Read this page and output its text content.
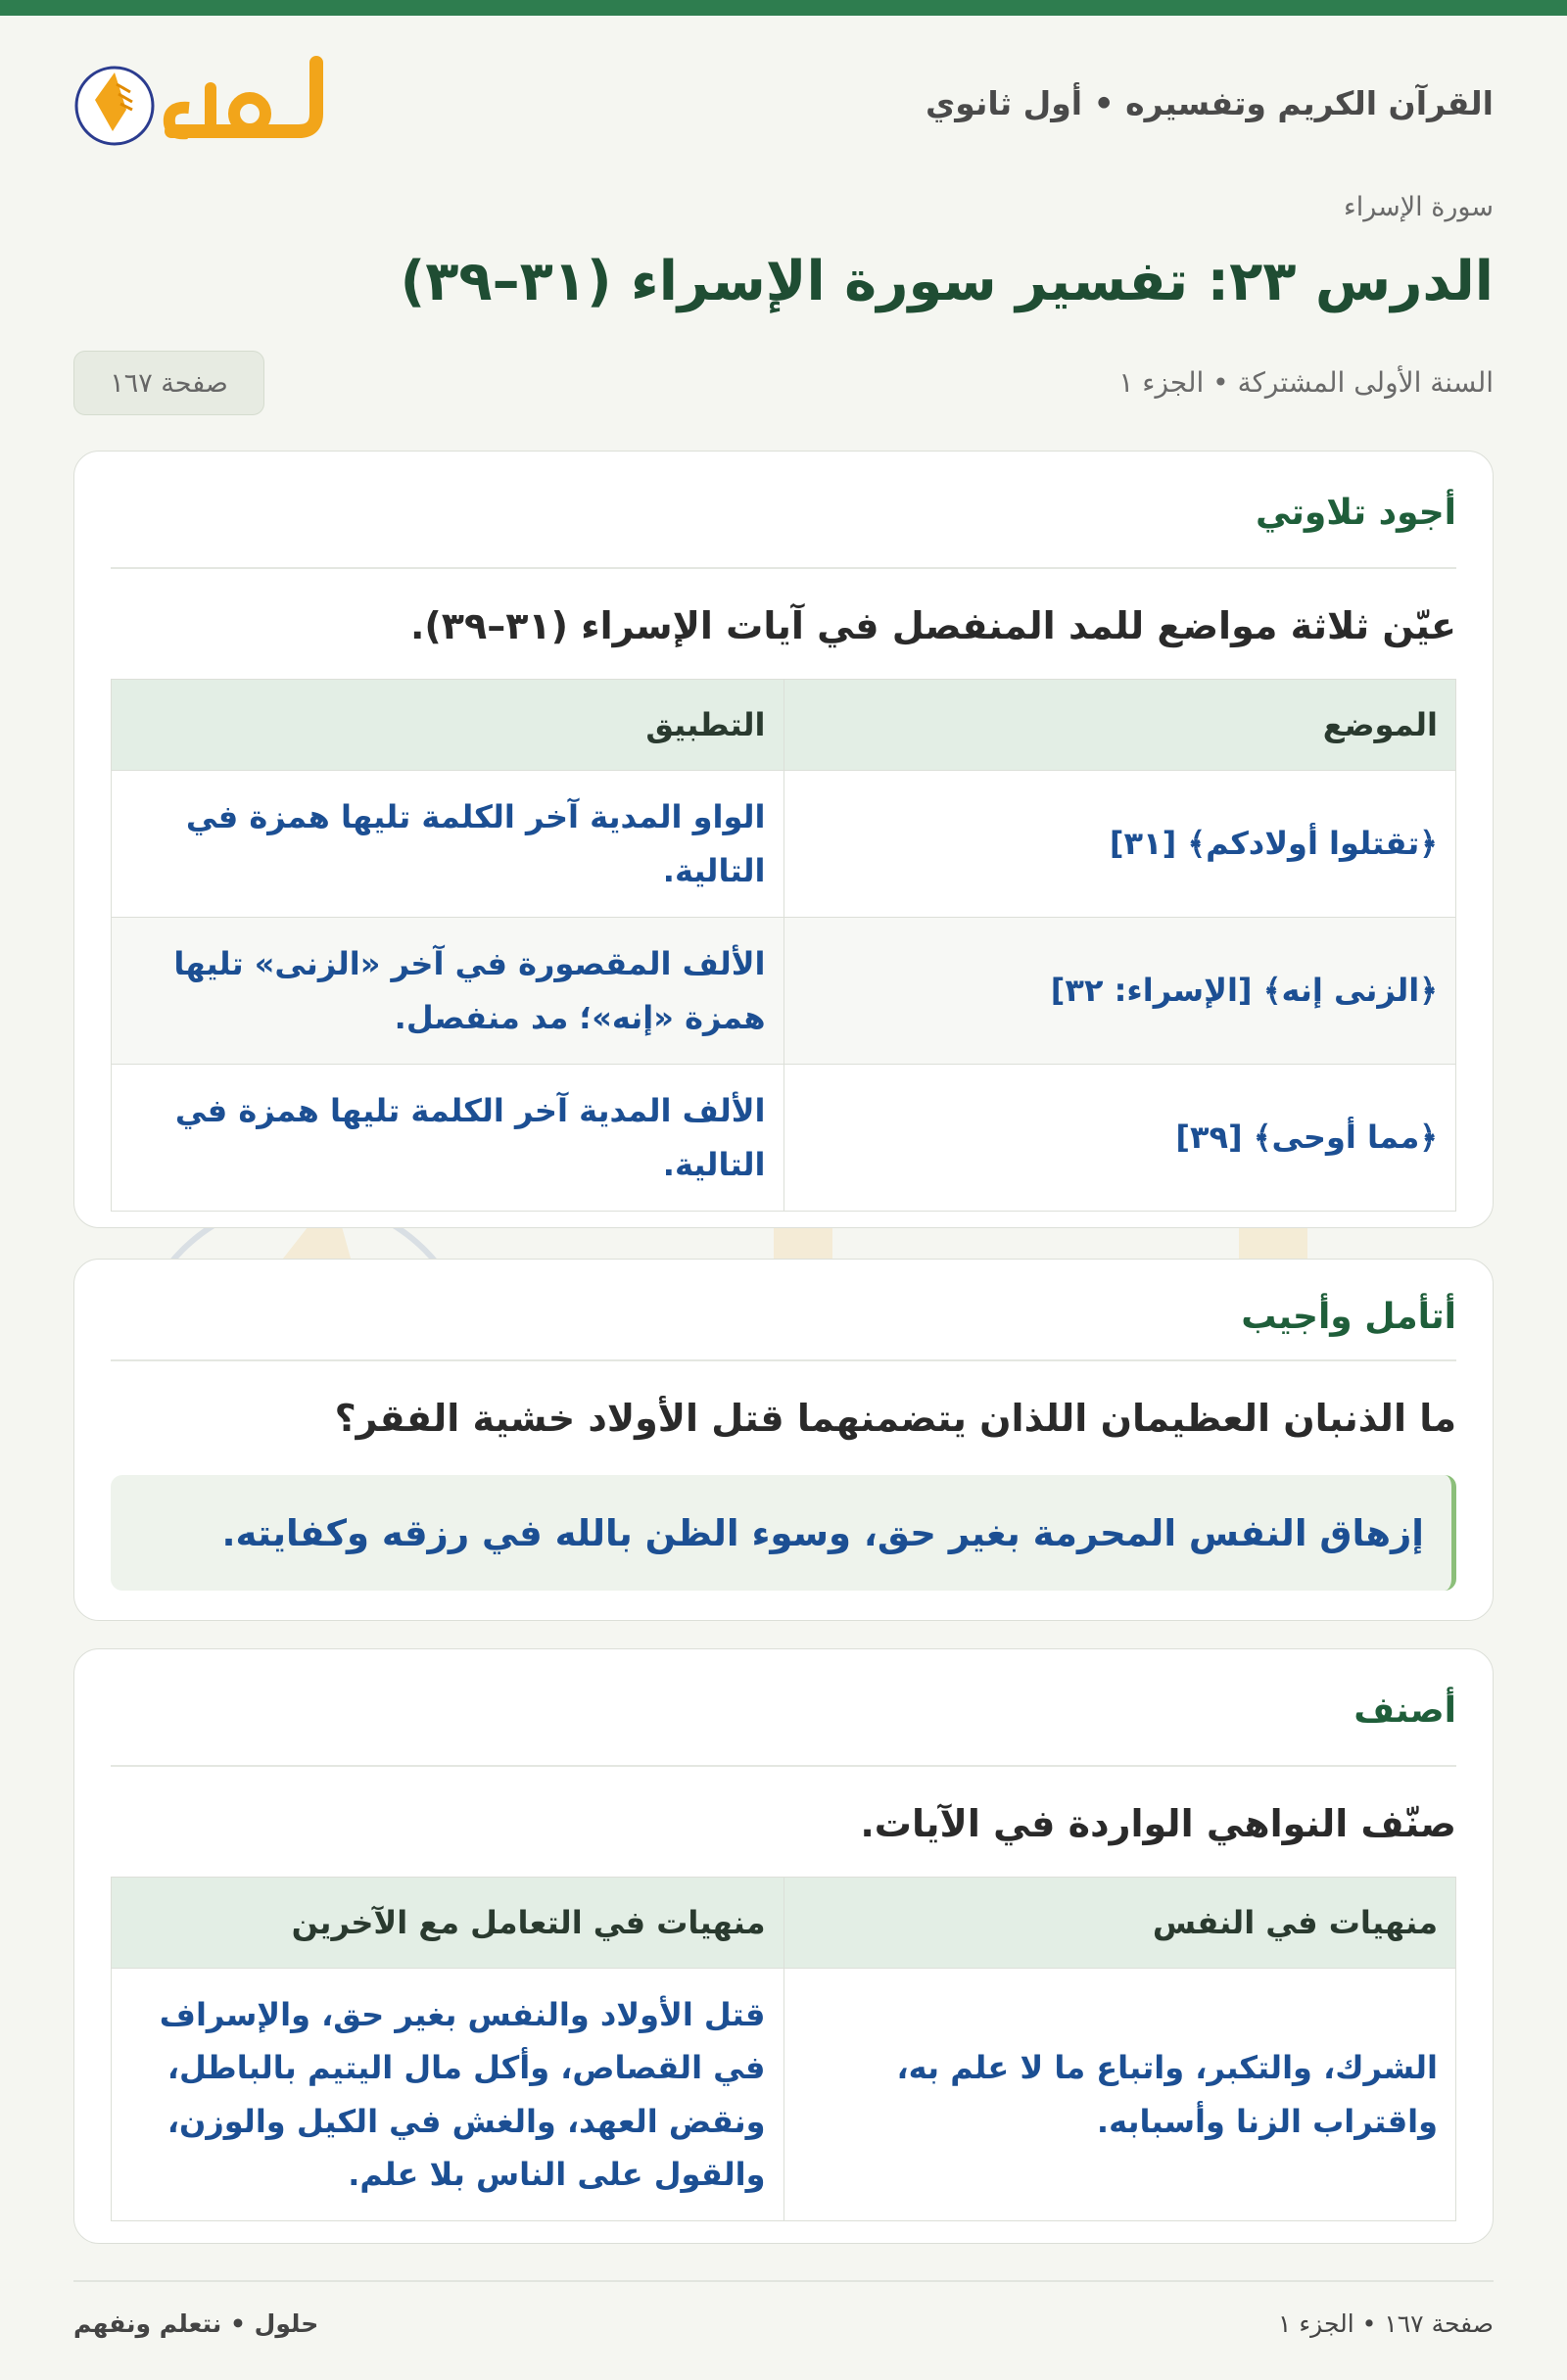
القرآن الكريم وتفسيره • أول ثانوي
سورة الإسراء
الدرس ٢٣: تفسير سورة الإسراء (٣١–٣٩)
السنة الأولى المشتركة • الجزء ١
صفحة ١٦٧
أجود تلاوتي
عيّن ثلاثة مواضع للمد المنفصل في آيات الإسراء (٣١–٣٩).
الموضع	التطبيق
﴿تقتلوا أولادكم﴾ [٣١]	الواو المدية آخر الكلمة تليها همزة في التالية.
﴿الزنى إنه﴾ [الإسراء: ٣٢]	الألف المقصورة في آخر «الزنى» تليها همزة «إنه»؛ مد منفصل.
﴿مما أوحى﴾ [٣٩]	الألف المدية آخر الكلمة تليها همزة في التالية.
أتأمل وأجيب
ما الذنبان العظيمان اللذان يتضمنهما قتل الأولاد خشية الفقر؟
إزهاق النفس المحرمة بغير حق، وسوء الظن بالله في رزقه وكفايته.
أصنف
صنّف النواهي الواردة في الآيات.
منهيات في النفس	منهيات في التعامل مع الآخرين
الشرك، والتكبر، واتباع ما لا علم به، واقتراب الزنا وأسبابه.	قتل الأولاد والنفس بغير حق، والإسراف في القصاص، وأكل مال اليتيم بالباطل، ونقض العهد، والغش في الكيل والوزن، والقول على الناس بلا علم.
صفحة ١٦٧ • الجزء ١
حلول • نتعلم ونفهم
